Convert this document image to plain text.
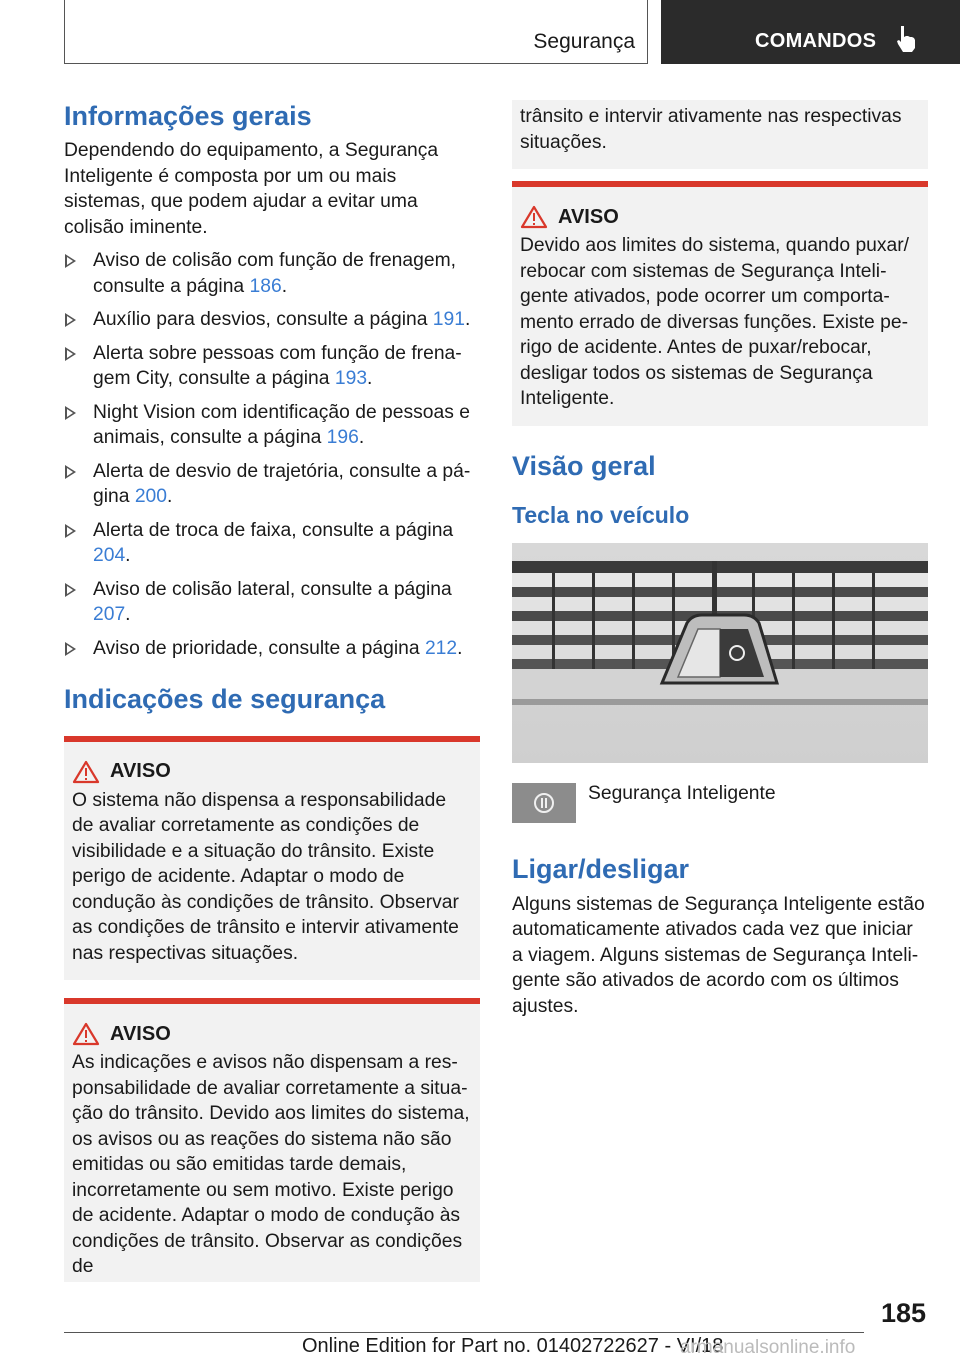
Segurança	COMANDOS
Informações gerais

Dependendo do equipamento, a Segurança Inteligente é composta por um ou mais sistemas, que podem ajudar a evitar uma colisão iminente.

Aviso de colisão com função de frenagem, consulte a página 186.
Auxílio para desvios, consulte a página 191.
Alerta sobre pessoas com função de frenagem City, consulte a página 193.
Night Vision com identificação de pessoas e animais, consulte a página 196.
Alerta de desvio de trajetória, consulte a página 200.
Alerta de troca de faixa, consulte a página 204.
Aviso de colisão lateral, consulte a página 207.
Aviso de prioridade, consulte a página 212.
Indicações de segurança
AVISO

O sistema não dispensa a responsabilidade de avaliar corretamente as condições de visibilidade e a situação do trânsito. Existe perigo de acidente. Adaptar o modo de condução às condições de trânsito. Observar as condições de trânsito e intervir ativamente nas respectivas situações.

AVISO

As indicações e avisos não dispensam a responsabilidade de avaliar corretamente a situação do trânsito. Devido aos limites do sistema, os avisos ou as reações do sistema não são emitidas ou são emitidas tarde demais, incorretamente ou sem motivo. Existe perigo de acidente. Adaptar o modo de condução às condições de trânsito. Observar as condições de

trânsito e intervir ativamente nas respectivas situações.

AVISO

Devido aos limites do sistema, quando puxar/ rebocar com sistemas de Segurança Inteligente ativados, pode ocorrer um comportamento errado de diversas funções. Existe perigo de acidente. Antes de puxar/rebocar, desligar todos os sistemas de Segurança Inteligente.

Visão geral
Tecla no veículo

Segurança Inteligente

Ligar/desligar

Alguns sistemas de Segurança Inteligente estão automaticamente ativados cada vez que iniciar a viagem. Alguns sistemas de Segurança Inteligente são ativados de acordo com os últimos ajustes.

185
Online Edition for Part no. 01402722627 - VI/18
armanualsonline.info
